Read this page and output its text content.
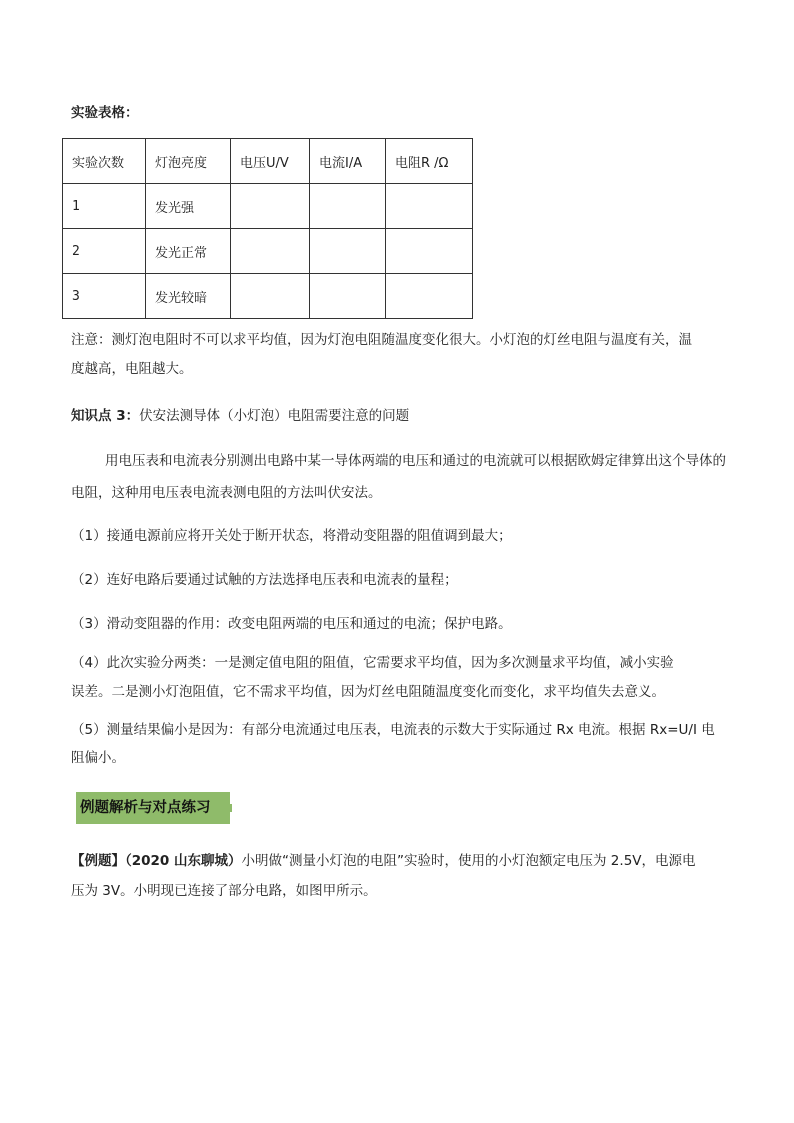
实验表格：
实验次数	灯泡亮度	电压U/V	电流I/A	电阻R /Ω
1	发光强			
2	发光正常			
3	发光较暗			
注意：测灯泡电阻时不可以求平均值，因为灯泡电阻随温度变化很大。小灯泡的灯丝电阻与温度有关，温
度越高，电阻越大。
知识点 3：伏安法测导体（小灯泡）电阻需要注意的问题
用电压表和电流表分别测出电路中某一导体两端的电压和通过的电流就可以根据欧姆定律算出这个导体的
电阻，这种用电压表电流表测电阻的方法叫伏安法。
（1）接通电源前应将开关处于断开状态，将滑动变阻器的阻值调到最大；
（2）连好电路后要通过试触的方法选择电压表和电流表的量程；
（3）滑动变阻器的作用：改变电阻两端的电压和通过的电流；保护电路。
（4）此次实验分两类：一是测定值电阻的阻值，它需要求平均值，因为多次测量求平均值，减小实验
误差。二是测小灯泡阻值，它不需求平均值，因为灯丝电阻随温度变化而变化，求平均值失去意义。
（5）测量结果偏小是因为：有部分电流通过电压表，电流表的示数大于实际通过 Rx 电流。根据 Rx=U/I 电
阻偏小。
例题解析与对点练习
【例题】（2020 山东聊城）小明做“测量小灯泡的电阻”实验时，使用的小灯泡额定电压为 2.5V，电源电
压为 3V。小明现已连接了部分电路，如图甲所示。
